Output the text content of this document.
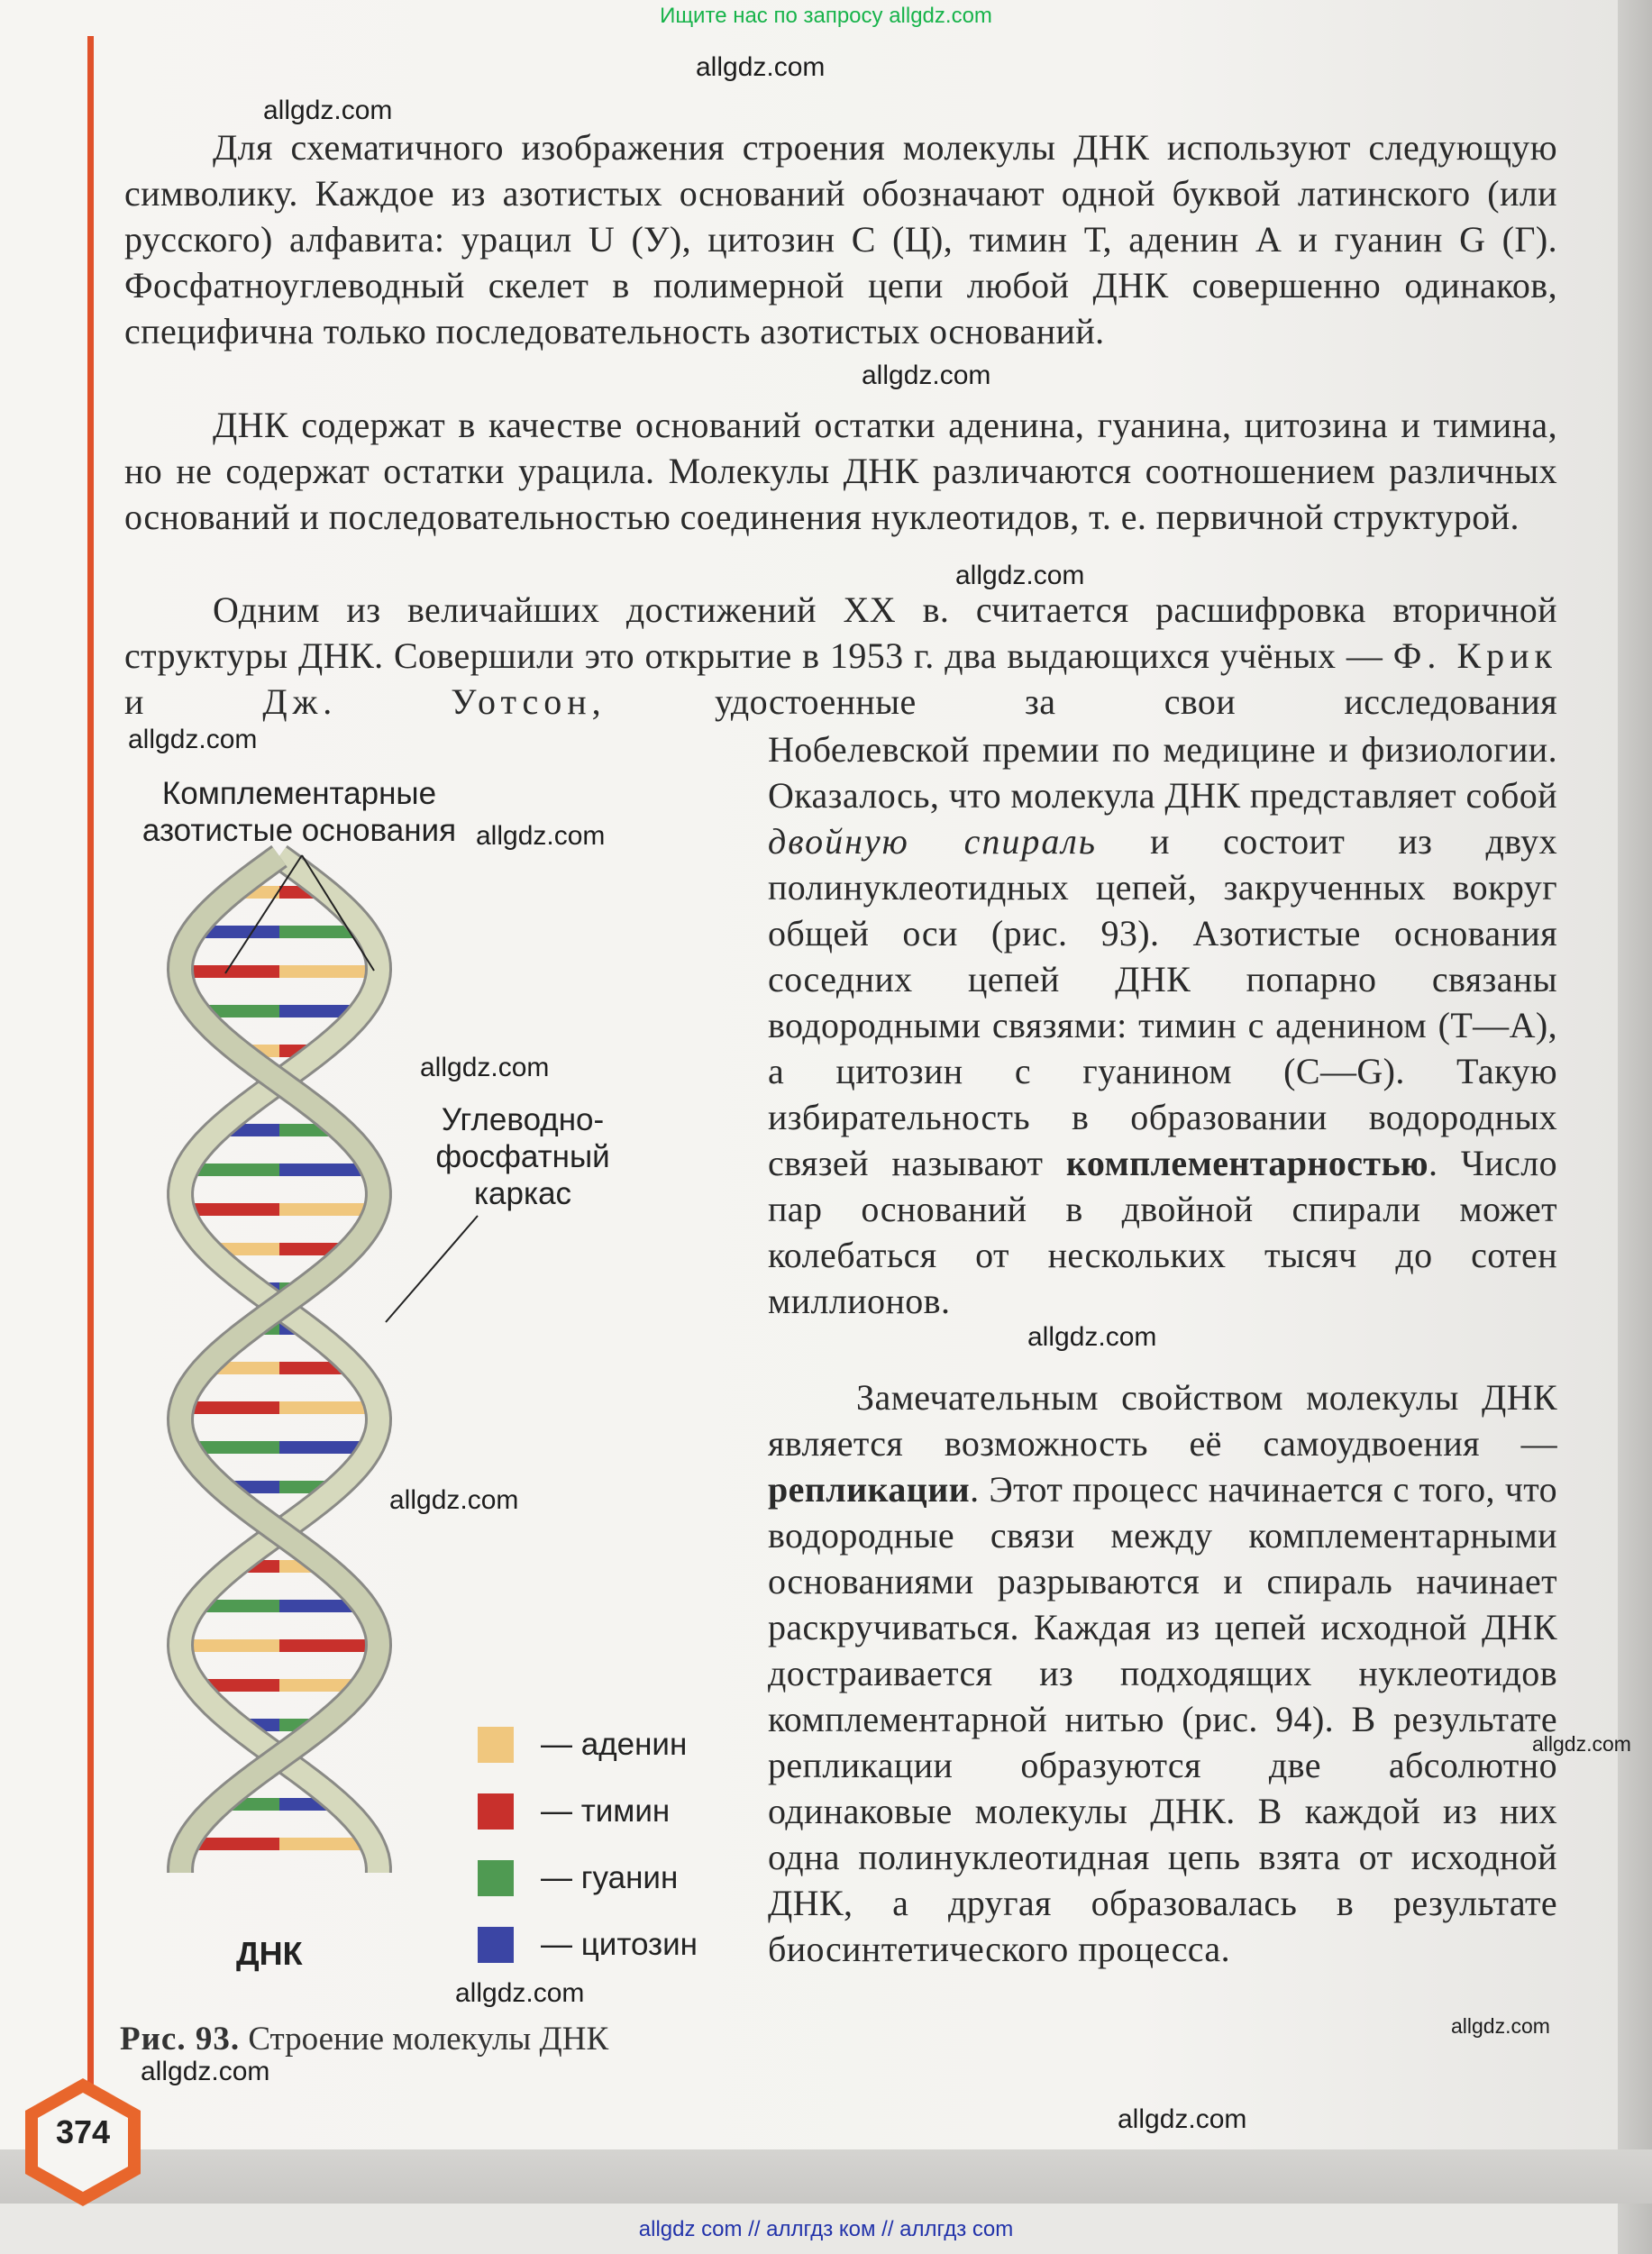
Ищите нас по запросу allgdz.com

Для схематичного изображения строения молекулы ДНК используют следующую символику. Каждое из азотистых оснований обозначают одной буквой латинского (или русского) алфавита: урацил U (У), цитозин С (Ц), тимин Т, аденин А и гуанин G (Г). Фосфатноуглеводный скелет в полимерной цепи любой ДНК совершенно одинаков, специфична только последовательность азотистых оснований.

ДНК содержат в качестве оснований остатки аденина, гуанина, цитозина и тимина, но не содержат остатки урацила. Молекулы ДНК различаются соотношением различных оснований и последовательностью соединения нуклеотидов, т. е. первичной структурой.

Одним из величайших достижений XX в. считается расшифровка вторичной структуры ДНК. Совершили это открытие в 1953 г. два выдающихся учёных — Ф. Крик и Дж. Уотсон,	удостоенные за свои исследования

Нобелевской премии по медицине и физиологии. Оказалось, что молекула ДНК представляет собой двойную спираль и состоит из двух полинуклеотидных цепей, закрученных вокруг общей оси (рис. 93). Азотистые основания соседних цепей ДНК попарно связаны водородными связями: тимин с аденином (Т—А), а цитозин с гуанином (С—G). Такую избирательность в образовании водородных связей называют комплементарностью. Число пар оснований в двойной спирали может колебаться от нескольких тысяч до сотен миллионов.

Замечательным свойством молекулы ДНК является возможность её самоудвоения — репликации. Этот процесс начинается с того, что водородные связи между комплементарными основаниями разрываются и спираль начинает раскручиваться. Каждая из цепей исходной ДНК достраивается из подходящих нуклеотидов комплементарной нитью (рис. 94). В результате репликации образуются две абсолютно одинаковые молекулы ДНК. В каждой из них одна полинуклеотидная цепь взята от исходной ДНК, а другая образовалась в результате биосинтетического процесса.

Комплементарные
азотистые основания
Углеводно-
фосфатный
каркас
ДНК
— аденин
— тимин
— гуанин
— цитозин
Рис. 93. Строение молекулы ДНК
374
allgdz.com
allgdz.com
allgdz.com
allgdz.com
allgdz.com
allgdz.com
allgdz.com
allgdz.com
allgdz.com
allgdz.com
allgdz.com
allgdz.com
allgdz.com
allgdz.com
allgdz com // аллгдз ком // аллгдз com
